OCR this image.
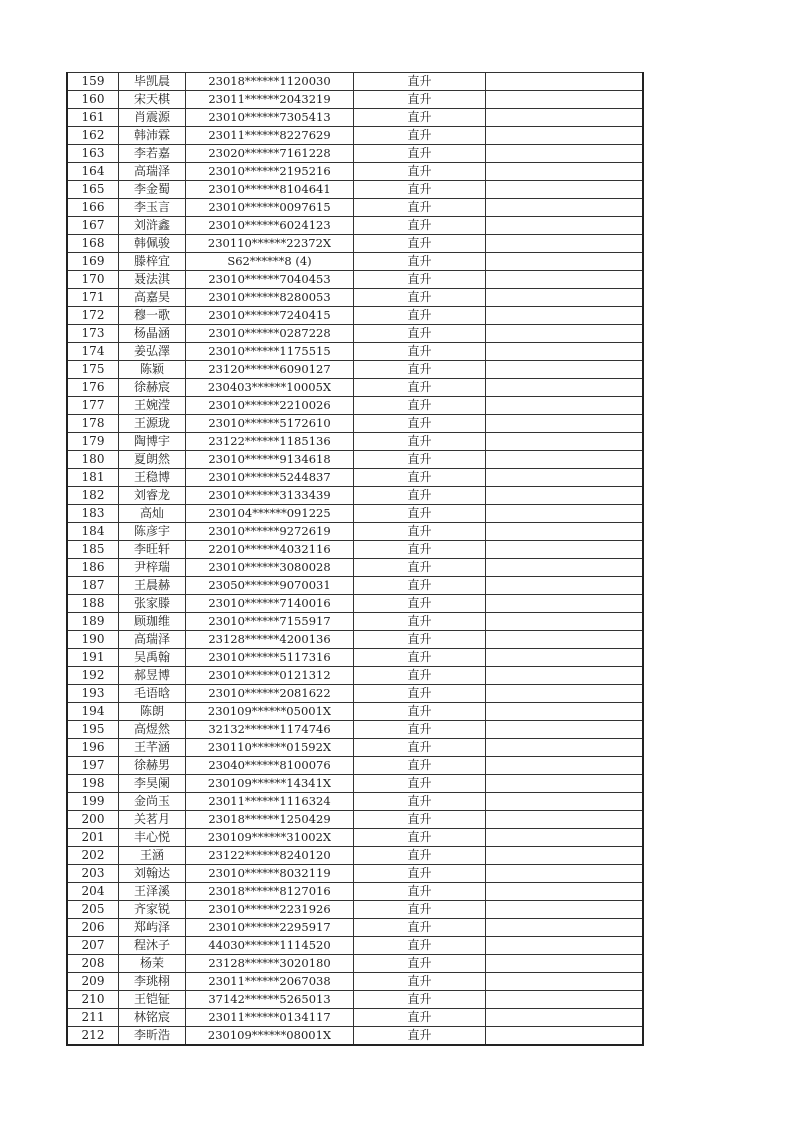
159	毕凯晨	23018******1120030	直升	
160	宋天棋	23011******2043219	直升	
161	肖震源	23010******7305413	直升	
162	韩沛霖	23011******8227629	直升	
163	李若嘉	23020******7161228	直升	
164	高瑞泽	23010******2195216	直升	
165	李金蜀	23010******8104641	直升	
166	李玉言	23010******0097615	直升	
167	刘浒鑫	23010******6024123	直升	
168	韩佩骏	230110******22372X	直升	
169	滕梓宜	S62******8 (4)	直升	
170	聂法淇	23010******7040453	直升	
171	高嘉昊	23010******8280053	直升	
172	穆一歌	23010******7240415	直升	
173	杨晶涵	23010******0287228	直升	
174	姜弘澤	23010******1175515	直升	
175	陈颖	23120******6090127	直升	
176	徐赫宸	230403******10005X	直升	
177	王婉滢	23010******2210026	直升	
178	王源珑	23010******5172610	直升	
179	陶博宇	23122******1185136	直升	
180	夏朗然	23010******9134618	直升	
181	王稳博	23010******5244837	直升	
182	刘睿龙	23010******3133439	直升	
183	高灿	230104******091225	直升	
184	陈彦宇	23010******9272619	直升	
185	李旺轩	22010******4032116	直升	
186	尹梓瑞	23010******3080028	直升	
187	王晨赫	23050******9070031	直升	
188	张家滕	23010******7140016	直升	
189	顾珈维	23010******7155917	直升	
190	高瑞泽	23128******4200136	直升	
191	吴禹翰	23010******5117316	直升	
192	郝昱博	23010******0121312	直升	
193	毛语晗	23010******2081622	直升	
194	陈朗	230109******05001X	直升	
195	高煜然	32132******1174746	直升	
196	王芊涵	230110******01592X	直升	
197	徐赫男	23040******8100076	直升	
198	李昊阑	230109******14341X	直升	
199	金尚玉	23011******1116324	直升	
200	关茗月	23018******1250429	直升	
201	丰心悦	230109******31002X	直升	
202	王涵	23122******8240120	直升	
203	刘翰达	23010******8032119	直升	
204	王泽溪	23018******8127016	直升	
205	齐家锐	23010******2231926	直升	
206	郑屿泽	23010******2295917	直升	
207	程沐子	44030******1114520	直升	
208	杨茉	23128******3020180	直升	
209	李珧栩	23011******2067038	直升	
210	王铠钲	37142******5265013	直升	
211	林铭宸	23011******0134117	直升	
212	李昕浩	230109******08001X	直升	
